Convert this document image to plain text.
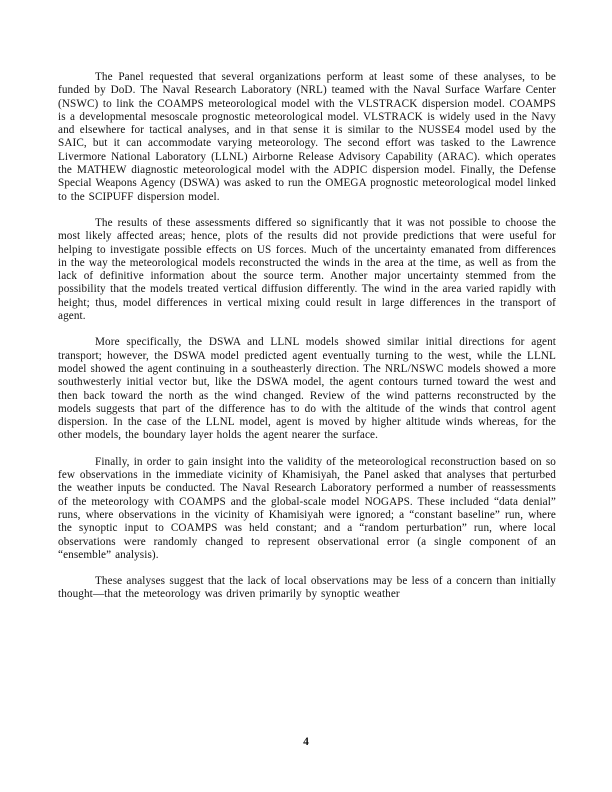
The Panel requested that several organizations perform at least some of these analyses, to be funded by DoD. The Naval Research Laboratory (NRL) teamed with the Naval Surface Warfare Center (NSWC) to link the COAMPS meteorological model with the VLSTRACK dispersion model. COAMPS is a developmental mesoscale prognostic meteorological model. VLSTRACK is widely used in the Navy and elsewhere for tactical analyses, and in that sense it is similar to the NUSSE4 model used by the SAIC, but it can accommodate varying meteorology. The second effort was tasked to the Lawrence Livermore National Laboratory (LLNL) Airborne Release Advisory Capability (ARAC). which operates the MATHEW diagnostic meteorological model with the ADPIC dispersion model. Finally, the Defense Special Weapons Agency (DSWA) was asked to run the OMEGA prognostic meteorological model linked to the SCIPUFF dispersion model.

The results of these assessments differed so significantly that it was not possible to choose the most likely affected areas; hence, plots of the results did not provide predictions that were useful for helping to investigate possible effects on US forces. Much of the uncertainty emanated from differences in the way the meteorological models reconstructed the winds in the area at the time, as well as from the lack of definitive information about the source term. Another major uncertainty stemmed from the possibility that the models treated vertical diffusion differently. The wind in the area varied rapidly with height; thus, model differences in vertical mixing could result in large differences in the transport of agent.

More specifically, the DSWA and LLNL models showed similar initial directions for agent transport; however, the DSWA model predicted agent eventually turning to the west, while the LLNL model showed the agent continuing in a southeasterly direction. The NRL/NSWC models showed a more southwesterly initial vector but, like the DSWA model, the agent contours turned toward the west and then back toward the north as the wind changed. Review of the wind patterns reconstructed by the models suggests that part of the difference has to do with the altitude of the winds that control agent dispersion. In the case of the LLNL model, agent is moved by higher altitude winds whereas, for the other models, the boundary layer holds the agent nearer the surface.

Finally, in order to gain insight into the validity of the meteorological reconstruction based on so few observations in the immediate vicinity of Khamisiyah, the Panel asked that analyses that perturbed the weather inputs be conducted. The Naval Research Laboratory performed a number of reassessments of the meteorology with COAMPS and the global-scale model NOGAPS. These included “data denial” runs, where observations in the vicinity of Khamisiyah were ignored; a “constant baseline” run, where the synoptic input to COAMPS was held constant; and a “random perturbation” run, where local observations were randomly changed to represent observational error (a single component of an “ensemble” analysis).

These analyses suggest that the lack of local observations may be less of a concern than initially thought—that the meteorology was driven primarily by synoptic weather

4
